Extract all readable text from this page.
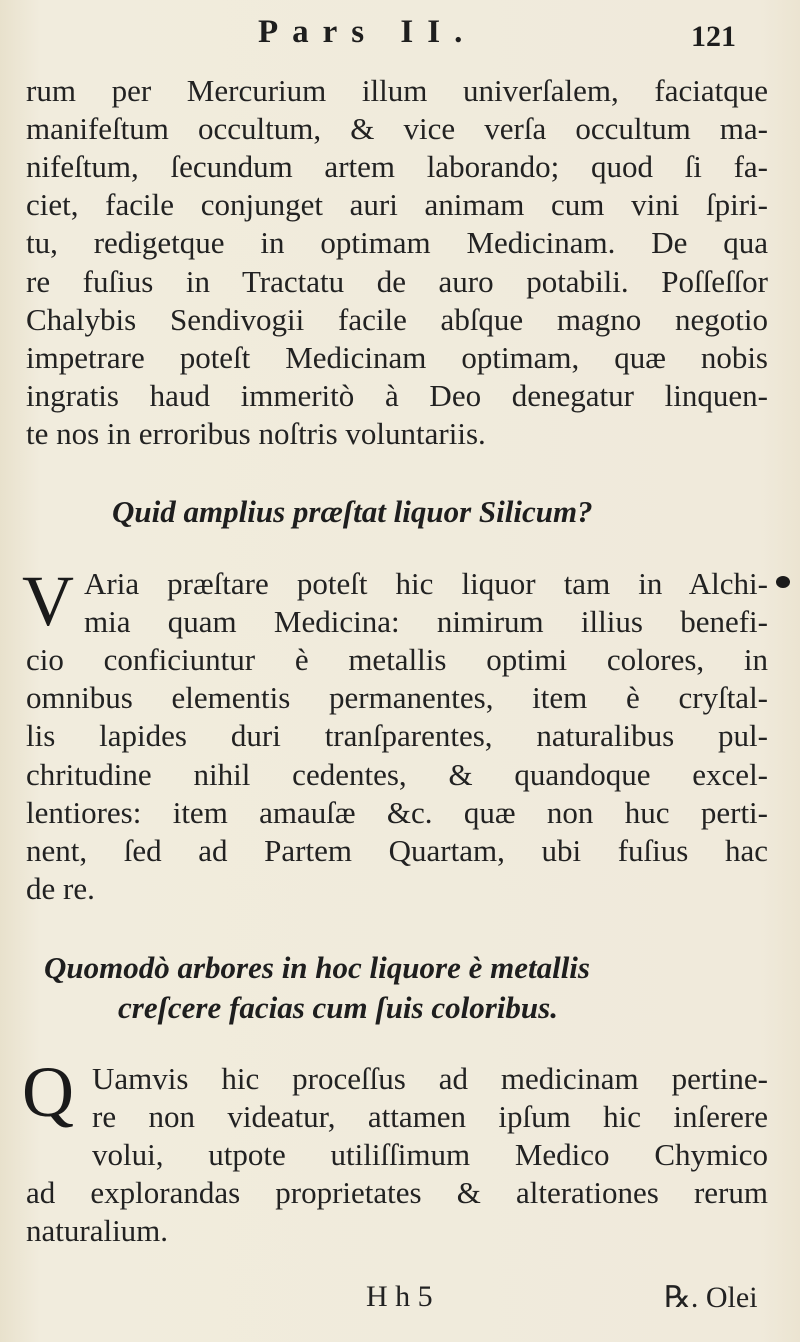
Pars II.	121
rum per Mercurium illum univerſalem, faciatque
manifeſtum occultum, & vice verſa occultum ma-
nifeſtum, ſecundum artem laborando; quod ſi fa-
ciet, facile conjunget auri animam cum vini ſpiri-
tu, redigetque in optimam Medicinam. De qua
re fuſius in Tractatu de auro potabili. Poſſeſſor
Chalybis Sendivogii facile abſque magno negotio
impetrare poteſt Medicinam optimam, quæ nobis
ingratis haud immeritò à Deo denegatur linquen-
te nos in erroribus noſtris voluntariis.
Quid amplius præſtat liquor Silicum?
V Aria præſtare poteſt hic liquor tam in Alchi-
mia quam Medicina: nimirum illius benefi-
cio conficiuntur è metallis optimi colores, in
omnibus elementis permanentes, item è cryſtal-
lis lapides duri tranſparentes, naturalibus pul-
chritudine nihil cedentes, & quandoque excel-
lentiores: item amauſæ &c. quæ non huc perti-
nent, ſed ad Partem Quartam, ubi fuſius hac
de re.
Quomodò arbores in hoc liquore è metallis
creſcere facias cum ſuis coloribus.
Q Uamvis hic proceſſus ad medicinam pertine-
re non videatur, attamen ipſum hic inſerere
volui, utpote utiliſſimum Medico Chymico
ad explorandas proprietates & alterationes rerum
naturalium.
H h 5	℞. Olei
